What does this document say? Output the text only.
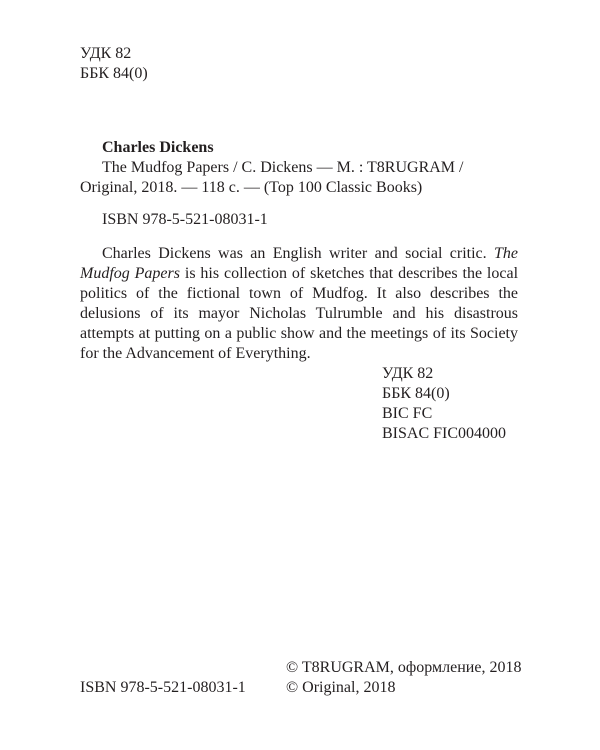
УДК 82
ББК 84(0)
Charles Dickens
The Mudfog Papers / C. Dickens — M. : T8RUGRAM /
Original, 2018. — 118 c. — (Top 100 Classic Books)
ISBN 978-5-521-08031-1

Charles Dickens was an English writer and social critic. The Mudfog Papers is his collection of sketches that describes the local politics of the fictional town of Mudfog. It also describes the delusions of its mayor Nicholas Tulrumble and his disastrous attempts at putting on a public show and the meetings of its Society for the Advancement of Everything.

УДК 82
ББК 84(0)
BIC FC
BISAC FIC004000
ISBN 978-5-521-08031-1
© T8RUGRAM, оформление, 2018
© Original, 2018
